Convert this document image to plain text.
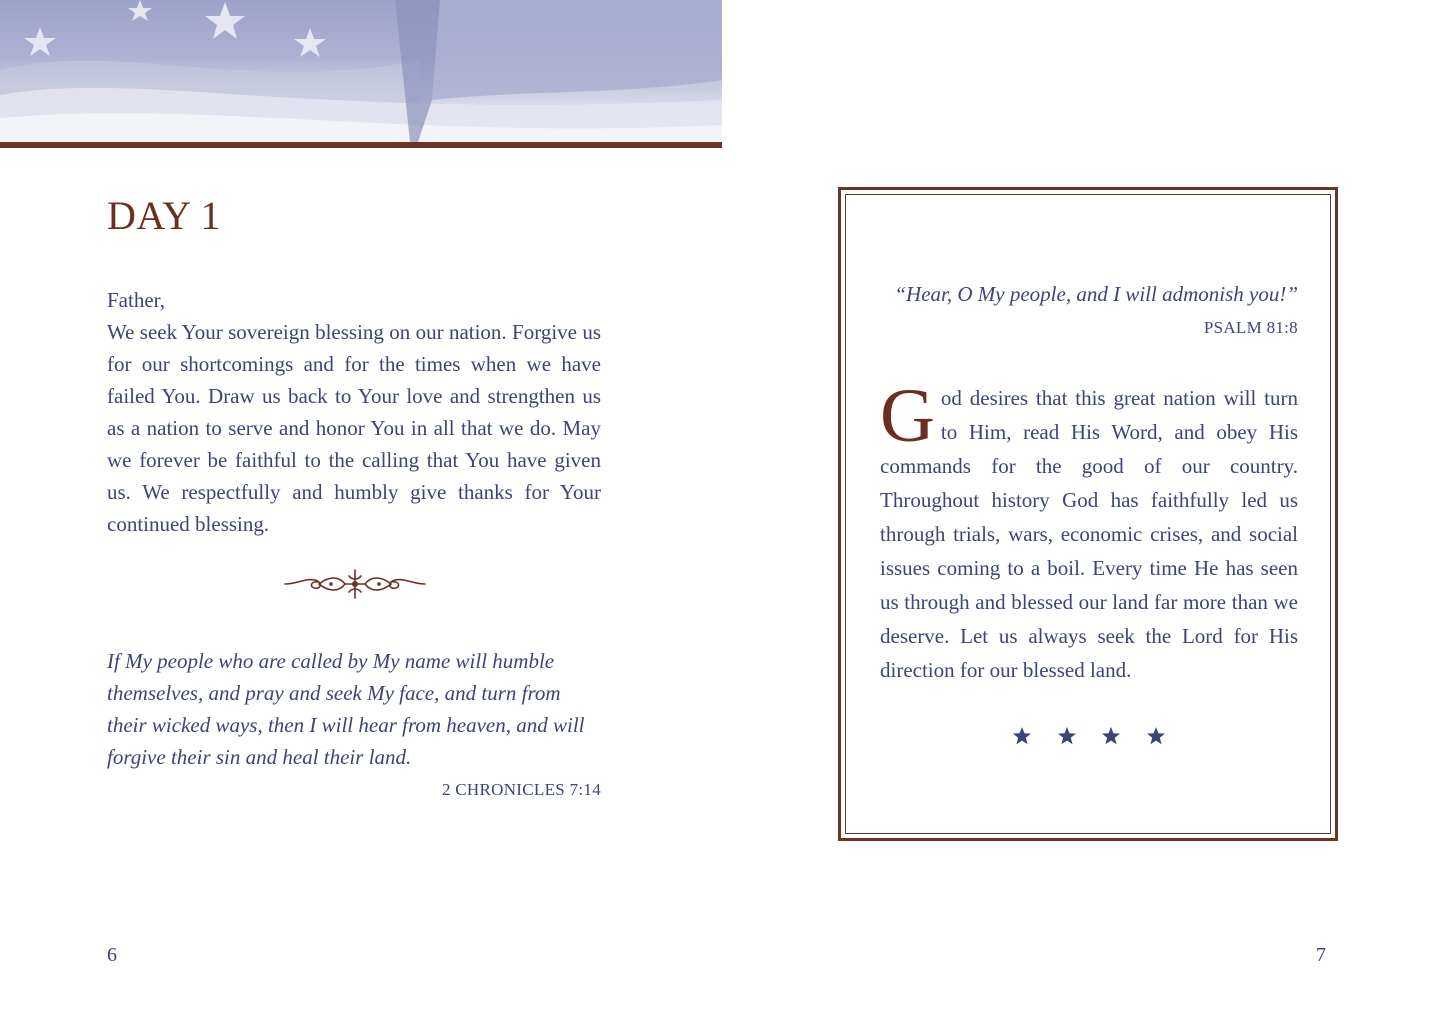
DAY 1
Father,
We seek Your sovereign blessing on our nation. Forgive us for our shortcomings and for the times when we have failed You. Draw us back to Your love and strengthen us as a nation to serve and honor You in all that we do. May we forever be faithful to the calling that You have given us. We respectfully and humbly give thanks for Your continued blessing.
If My people who are called by My name will humble themselves, and pray and seek My face, and turn from their wicked ways, then I will hear from heaven, and will forgive their sin and heal their land.
2 CHRONICLES 7:14
6
“Hear, O My people, and I will admonish you!”
PSALM 81:8
God desires that this great nation will turn to Him, read His Word, and obey His commands for the good of our country. Throughout history God has faithfully led us through trials, wars, economic crises, and social issues coming to a boil. Every time He has seen us through and blessed our land far more than we deserve. Let us always seek the Lord for His direction for our blessed land.
7
